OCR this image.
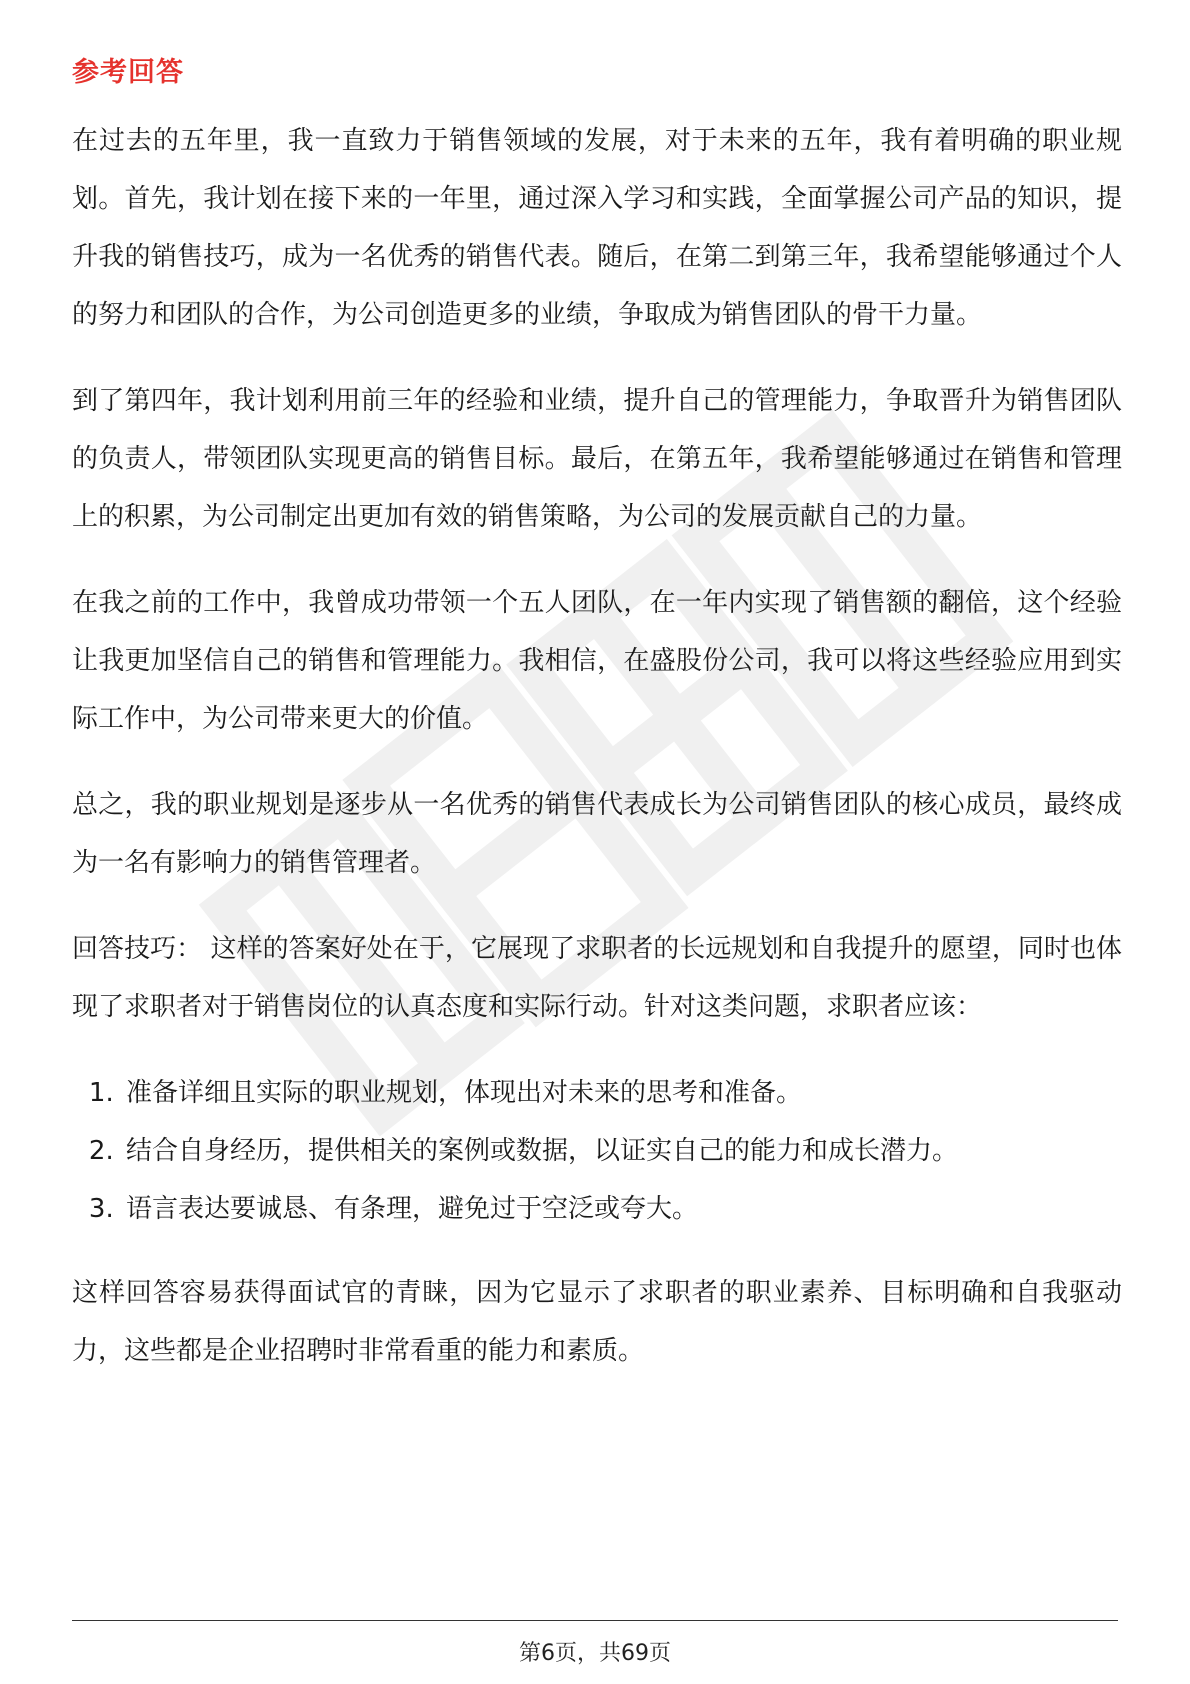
参考回答

在过去的五年里，我一直致力于销售领域的发展，对于未来的五年，我有着明确的职业规划。首先，我计划在接下来的一年里，通过深入学习和实践，全面掌握公司产品的知识，提升我的销售技巧，成为一名优秀的销售代表。随后，在第二到第三年，我希望能够通过个人的努力和团队的合作，为公司创造更多的业绩，争取成为销售团队的骨干力量。

到了第四年，我计划利用前三年的经验和业绩，提升自己的管理能力，争取晋升为销售团队的负责人，带领团队实现更高的销售目标。最后，在第五年，我希望能够通过在销售和管理上的积累，为公司制定出更加有效的销售策略，为公司的发展贡献自己的力量。

在我之前的工作中，我曾成功带领一个五人团队，在一年内实现了销售额的翻倍，这个经验让我更加坚信自己的销售和管理能力。我相信，在盛股份公司，我可以将这些经验应用到实际工作中，为公司带来更大的价值。

总之，我的职业规划是逐步从一名优秀的销售代表成长为公司销售团队的核心成员，最终成为一名有影响力的销售管理者。

回答技巧： 这样的答案好处在于，它展现了求职者的长远规划和自我提升的愿望，同时也体现了求职者对于销售岗位的认真态度和实际行动。针对这类问题，求职者应该：

1. 准备详细且实际的职业规划，体现出对未来的思考和准备。
2. 结合自身经历，提供相关的案例或数据，以证实自己的能力和成长潜力。
3. 语言表达要诚恳、有条理，避免过于空泛或夸大。

这样回答容易获得面试官的青睐，因为它显示了求职者的职业素养、目标明确和自我驱动力，这些都是企业招聘时非常看重的能力和素质。

第6页，共69页
